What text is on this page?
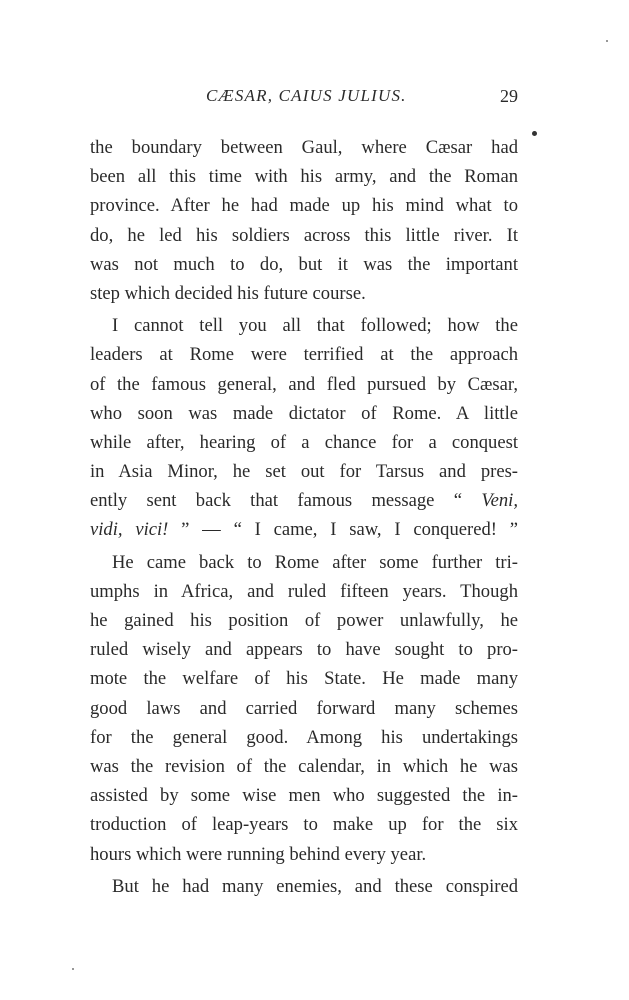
CÆSAR, CAIUS JULIUS.	29
the boundary between Gaul, where Cæsar had
been all this time with his army, and the Roman
province. After he had made up his mind what to
do, he led his soldiers across this little river. It
was not much to do, but it was the important
step which decided his future course.
I cannot tell you all that followed; how the
leaders at Rome were terrified at the approach
of the famous general, and fled pursued by Cæsar,
who soon was made dictator of Rome. A little
while after, hearing of a chance for a conquest
in Asia Minor, he set out for Tarsus and pres-
ently sent back that famous message “ Veni,
vidi, vici! ” — “ I came, I saw, I conquered! ”
He came back to Rome after some further tri-
umphs in Africa, and ruled fifteen years. Though
he gained his position of power unlawfully, he
ruled wisely and appears to have sought to pro-
mote the welfare of his State. He made many
good laws and carried forward many schemes
for the general good. Among his undertakings
was the revision of the calendar, in which he was
assisted by some wise men who suggested the in-
troduction of leap-years to make up for the six
hours which were running behind every year.
But he had many enemies, and these conspired
